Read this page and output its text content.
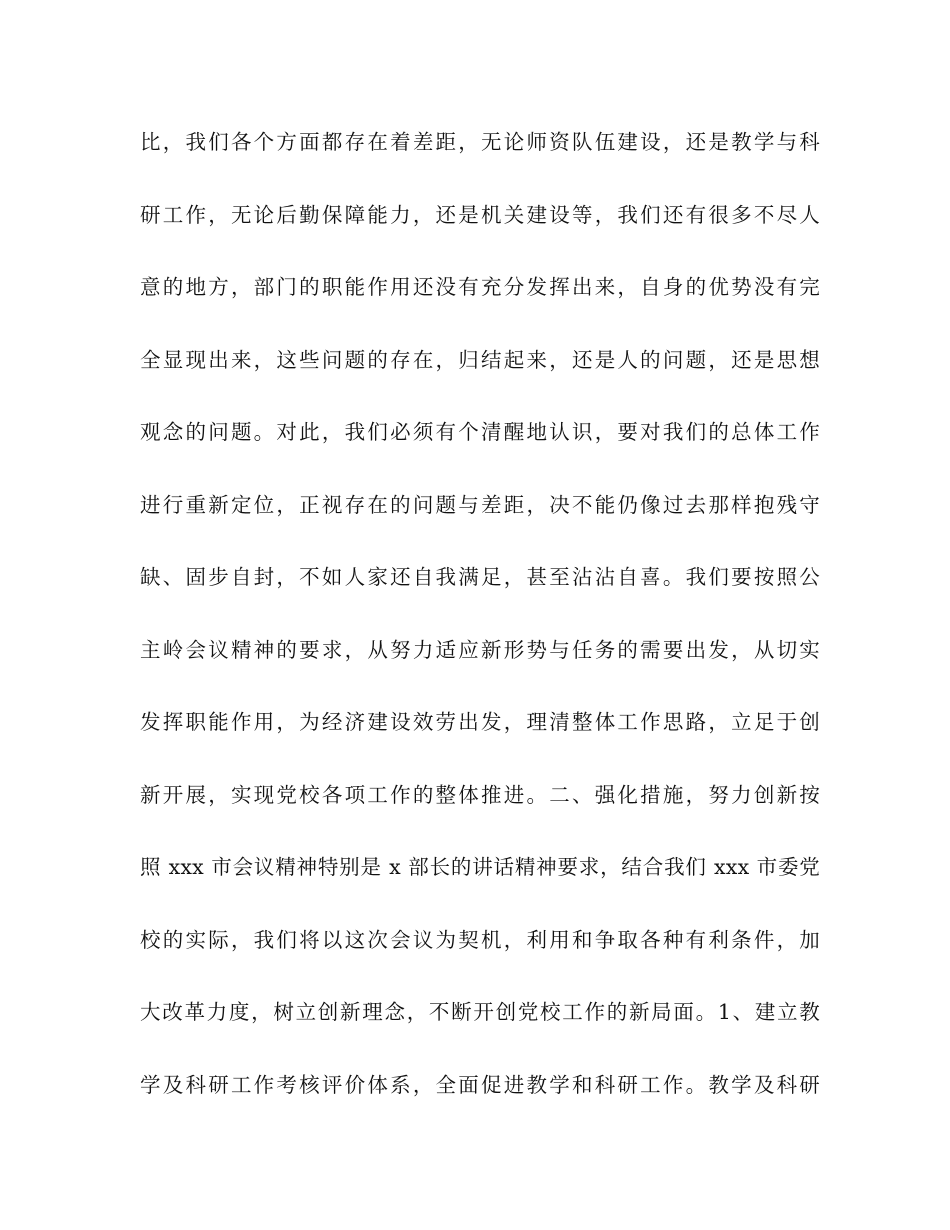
比，我们各个方面都存在着差距，无论师资队伍建设，还是教学与科
研工作，无论后勤保障能力，还是机关建设等，我们还有很多不尽人
意的地方，部门的职能作用还没有充分发挥出来，自身的优势没有完
全显现出来，这些问题的存在，归结起来，还是人的问题，还是思想
观念的问题。对此，我们必须有个清醒地认识，要对我们的总体工作
进行重新定位，正视存在的问题与差距，决不能仍像过去那样抱残守
缺、固步自封，不如人家还自我满足，甚至沾沾自喜。我们要按照公
主岭会议精神的要求，从努力适应新形势与任务的需要出发，从切实
发挥职能作用，为经济建设效劳出发，理清整体工作思路，立足于创
新开展，实现党校各项工作的整体推进。二、强化措施，努力创新按
照 xxx 市会议精神特别是 x 部长的讲话精神要求，结合我们 xxx 市委党
校的实际，我们将以这次会议为契机，利用和争取各种有利条件，加
大改革力度，树立创新理念，不断开创党校工作的新局面。1、建立教
学及科研工作考核评价体系，全面促进教学和科研工作。教学及科研
